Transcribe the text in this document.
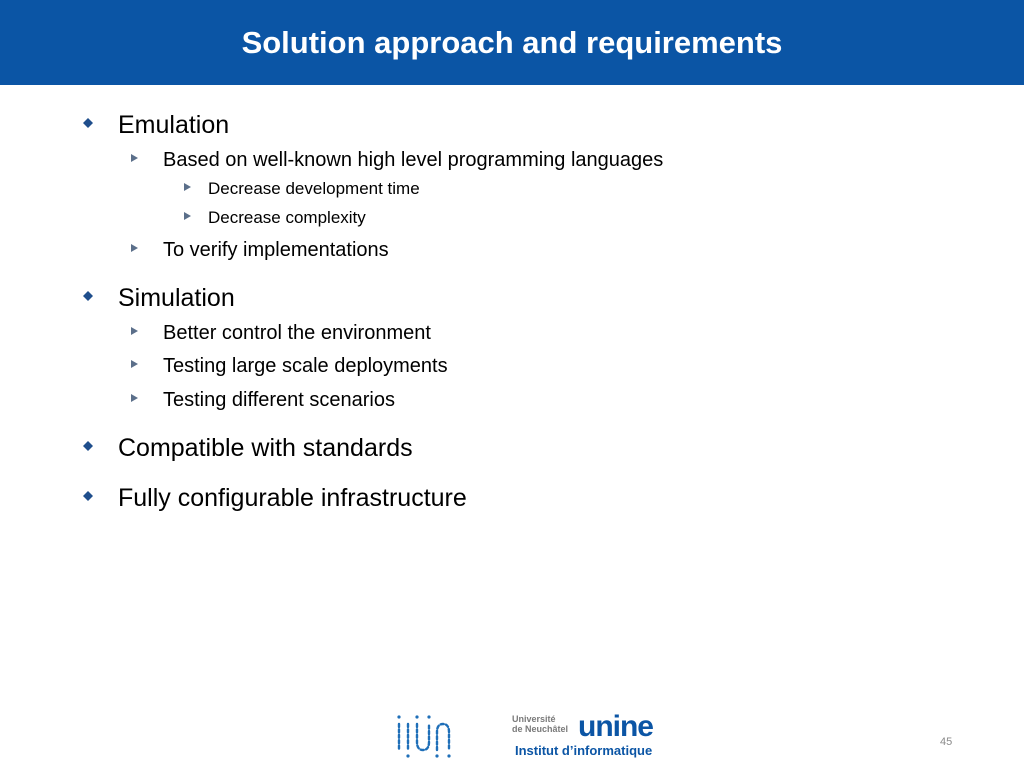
Solution approach and requirements
Emulation
Based on well-known high level programming languages
Decrease development time
Decrease complexity
To verify implementations
Simulation
Better control the environment
Testing large scale deployments
Testing different scenarios
Compatible with standards
Fully configurable infrastructure
Université
de Neuchâtel unine
Institut d’informatique
45
